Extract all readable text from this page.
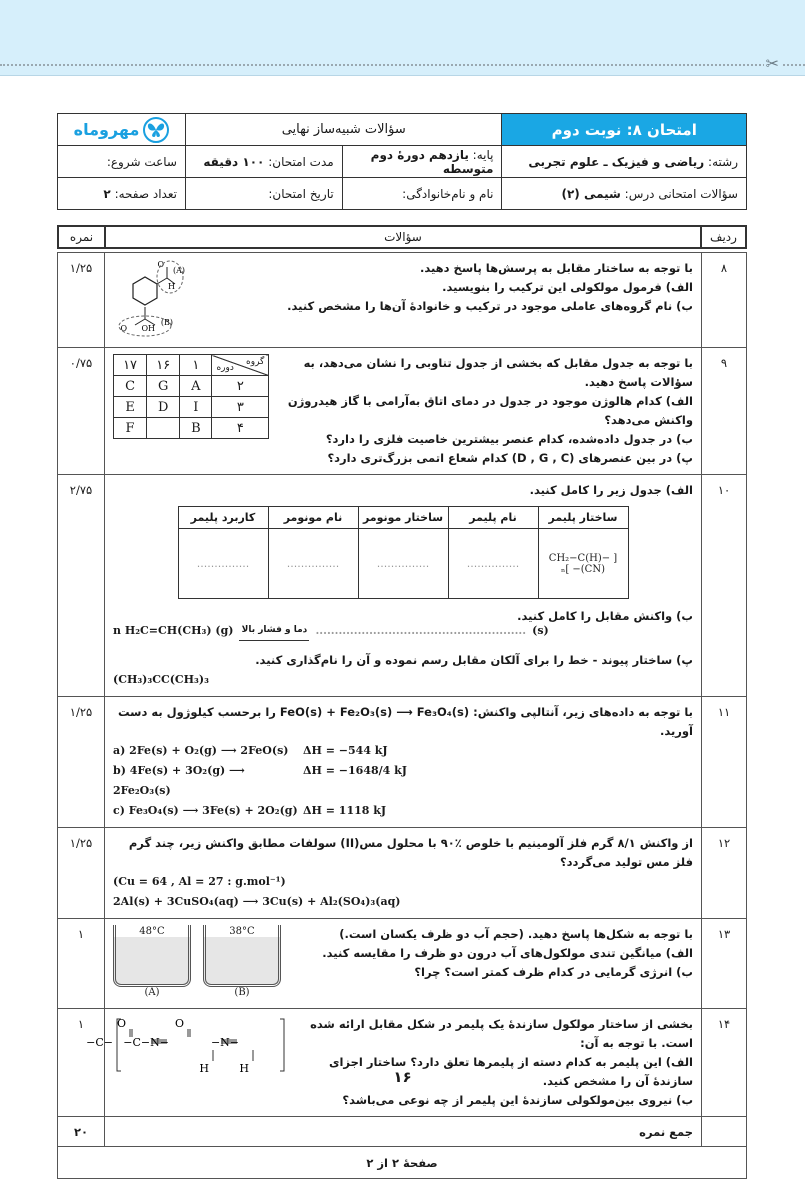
✂
امتحان ۸: نوبت دوم	سؤالات شبیه‌ساز نهایی		مهروماه

رشته: ریاضی و فیزیک ـ علوم تجربی	پایه: یازدهم دورهٔ دوم متوسطه	مدت امتحان: ۱۰۰ دقیقه	ساعت شروع:
سؤالات امتحانی درس: شیمی (۲)	نام و نام‌خانوادگی:	تاریخ امتحان:	تعداد صفحه: ۲
ردیف	سؤالات	نمره
۸	
با توجه به ساختار مقابل به پرسش‌ها پاسخ دهید.
الف) فرمول مولکولی این ترکیب را بنویسید.
ب) نام گروه‌های عاملی موجود در ترکیب و خانوادهٔ آن‌ها را مشخص کنید.
O
H
(A)
O OH
(B)
	۱/۲۵
۹	
با توجه به جدول مقابل که بخشی از جدول تناوبی را نشان می‌دهد، به سؤالات پاسخ دهید.
الف) کدام هالوژن موجود در جدول در دمای اتاق به‌آرامی با گاز هیدروژن واکنش می‌دهد؟
ب) در جدول داده‌شده، کدام عنصر بیشترین خاصیت فلزی را دارد؟
پ) در بین عنصرهای (D , G , C) کدام شعاع اتمی بزرگ‌تری دارد؟
گروه
دوره
	۱	۱۶	۱۷
۲	A	G	C
۳	I	D	E
۴	B		F
	۰/۷۵
۱۰	
الف) جدول زیر را کامل کنید.
ساختار پلیمر	نام پلیمر	ساختار مونومر	نام مونومر	کاربرد پلیمر
[ −CH₂−C(H)(CN)− ]ₙ	...............	...............	...............	...............
ب) واکنش مقابل را کامل کنید.
n H₂C=CH(CH₃) (g) دما و فشار بالا ....................................................... (s)
پ) ساختار پیوند - خط را برای آلکان مقابل رسم نموده و آن را نام‌گذاری کنید.
(CH₃)₃CC(CH₃)₃
	۲/۷۵
۱۱	
با توجه به داده‌های زیر، آنتالپی واکنش: FeO(s) + Fe₂O₃(s) ⟶ Fe₃O₄(s) را برحسب کیلوژول به دست آورید.
a) 2Fe(s) + O₂(g) ⟶ 2FeO(s)	ΔH = −544 kJ
b) 4Fe(s) + 3O₂(g) ⟶ 2Fe₂O₃(s)
ΔH = −1648/4 kJ
c) Fe₃O₄(s) ⟶ 3Fe(s) + 2O₂(g) ΔH = 1118 kJ
	۱/۲۵
۱۲	
از واکنش ۸/۱ گرم فلز آلومینیم با خلوص ٪۹۰ با محلول مس(II) سولفات مطابق واکنش زیر، چند گرم فلز مس تولید می‌گردد؟
(Cu = 64 , Al = 27 : g.mol⁻¹)
2Al(s) + 3CuSO₄(aq) ⟶ 3Cu(s) + Al₂(SO₄)₃(aq)
	۱/۲۵
۱۳	
با توجه به شکل‌ها پاسخ دهید. (حجم آب دو ظرف یکسان است.)
الف) میانگین تندی مولکول‌های آب درون دو ظرف را مقایسه کنید.
ب) انرژی گرمایی در کدام ظرف کمتر است؟ چرا؟
48°C
(A)
38°C
(B)
	۱
۱۴	
بخشی از ساختار مولکول سازندهٔ یک پلیمر در شکل مقابل ارائه شده است. با توجه به آن:
الف) این پلیمر به کدام دسته از پلیمرها تعلق دارد؟ ساختار اجزای سازندهٔ آن را مشخص کنید.
ب) نیروی بین‌مولکولی سازندهٔ این پلیمر از چه نوعی می‌باشد؟
O
−C− −C−N−
O
−N−
H	H
	۱
	جمع نمره	۲۰
صفحهٔ ۲ از ۲
۱۶
